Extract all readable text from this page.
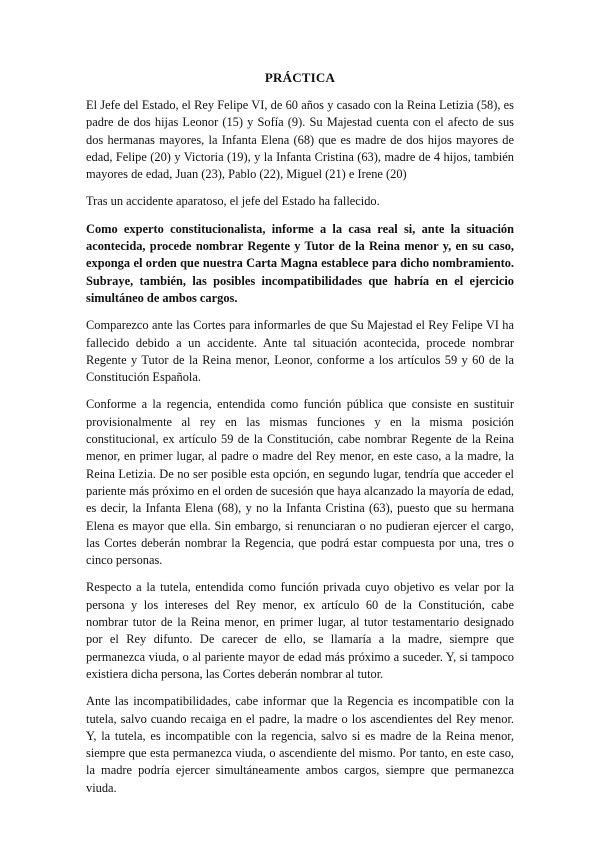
PRÁCTICA

El Jefe del Estado, el Rey Felipe VI, de 60 años y casado con la Reina Letizia (58), es padre de dos hijas Leonor (15) y Sofía (9). Su Majestad cuenta con el afecto de sus dos hermanas mayores, la Infanta Elena (68) que es madre de dos hijos mayores de edad, Felipe (20) y Victoria (19), y la Infanta Cristina (63), madre de 4 hijos, también mayores de edad, Juan (23), Pablo (22), Miguel (21) e Irene (20)

Tras un accidente aparatoso, el jefe del Estado ha fallecido.

Como experto constitucionalista, informe a la casa real si, ante la situación acontecida, procede nombrar Regente y Tutor de la Reina menor y, en su caso, exponga el orden que nuestra Carta Magna establece para dicho nombramiento. Subraye, también, las posibles incompatibilidades que habría en el ejercicio simultáneo de ambos cargos.

Comparezco ante las Cortes para informarles de que Su Majestad el Rey Felipe VI ha fallecido debido a un accidente. Ante tal situación acontecida, procede nombrar Regente y Tutor de la Reina menor, Leonor, conforme a los artículos 59 y 60 de la Constitución Española.

Conforme a la regencia, entendida como función pública que consiste en sustituir provisionalmente al rey en las mismas funciones y en la misma posición constitucional, ex artículo 59 de la Constitución, cabe nombrar Regente de la Reina menor, en primer lugar, al padre o madre del Rey menor, en este caso, a la madre, la Reina Letizia. De no ser posible esta opción, en segundo lugar, tendría que acceder el pariente más próximo en el orden de sucesión que haya alcanzado la mayoría de edad, es decir, la Infanta Elena (68), y no la Infanta Cristina (63), puesto que su hermana Elena es mayor que ella. Sin embargo, si renunciaran o no pudieran ejercer el cargo, las Cortes deberán nombrar la Regencia, que podrá estar compuesta por una, tres o cinco personas.

Respecto a la tutela, entendida como función privada cuyo objetivo es velar por la persona y los intereses del Rey menor, ex artículo 60 de la Constitución, cabe nombrar tutor de la Reina menor, en primer lugar, al tutor testamentario designado por el Rey difunto. De carecer de ello, se llamaría a la madre, siempre que permanezca viuda, o al pariente mayor de edad más próximo a suceder. Y, si tampoco existiera dicha persona, las Cortes deberán nombrar al tutor.

Ante las incompatibilidades, cabe informar que la Regencia es incompatible con la tutela, salvo cuando recaiga en el padre, la madre o los ascendientes del Rey menor. Y, la tutela, es incompatible con la regencia, salvo si es madre de la Reina menor, siempre que esta permanezca viuda, o ascendiente del mismo. Por tanto, en este caso, la madre podría ejercer simultáneamente ambos cargos, siempre que permanezca viuda.
